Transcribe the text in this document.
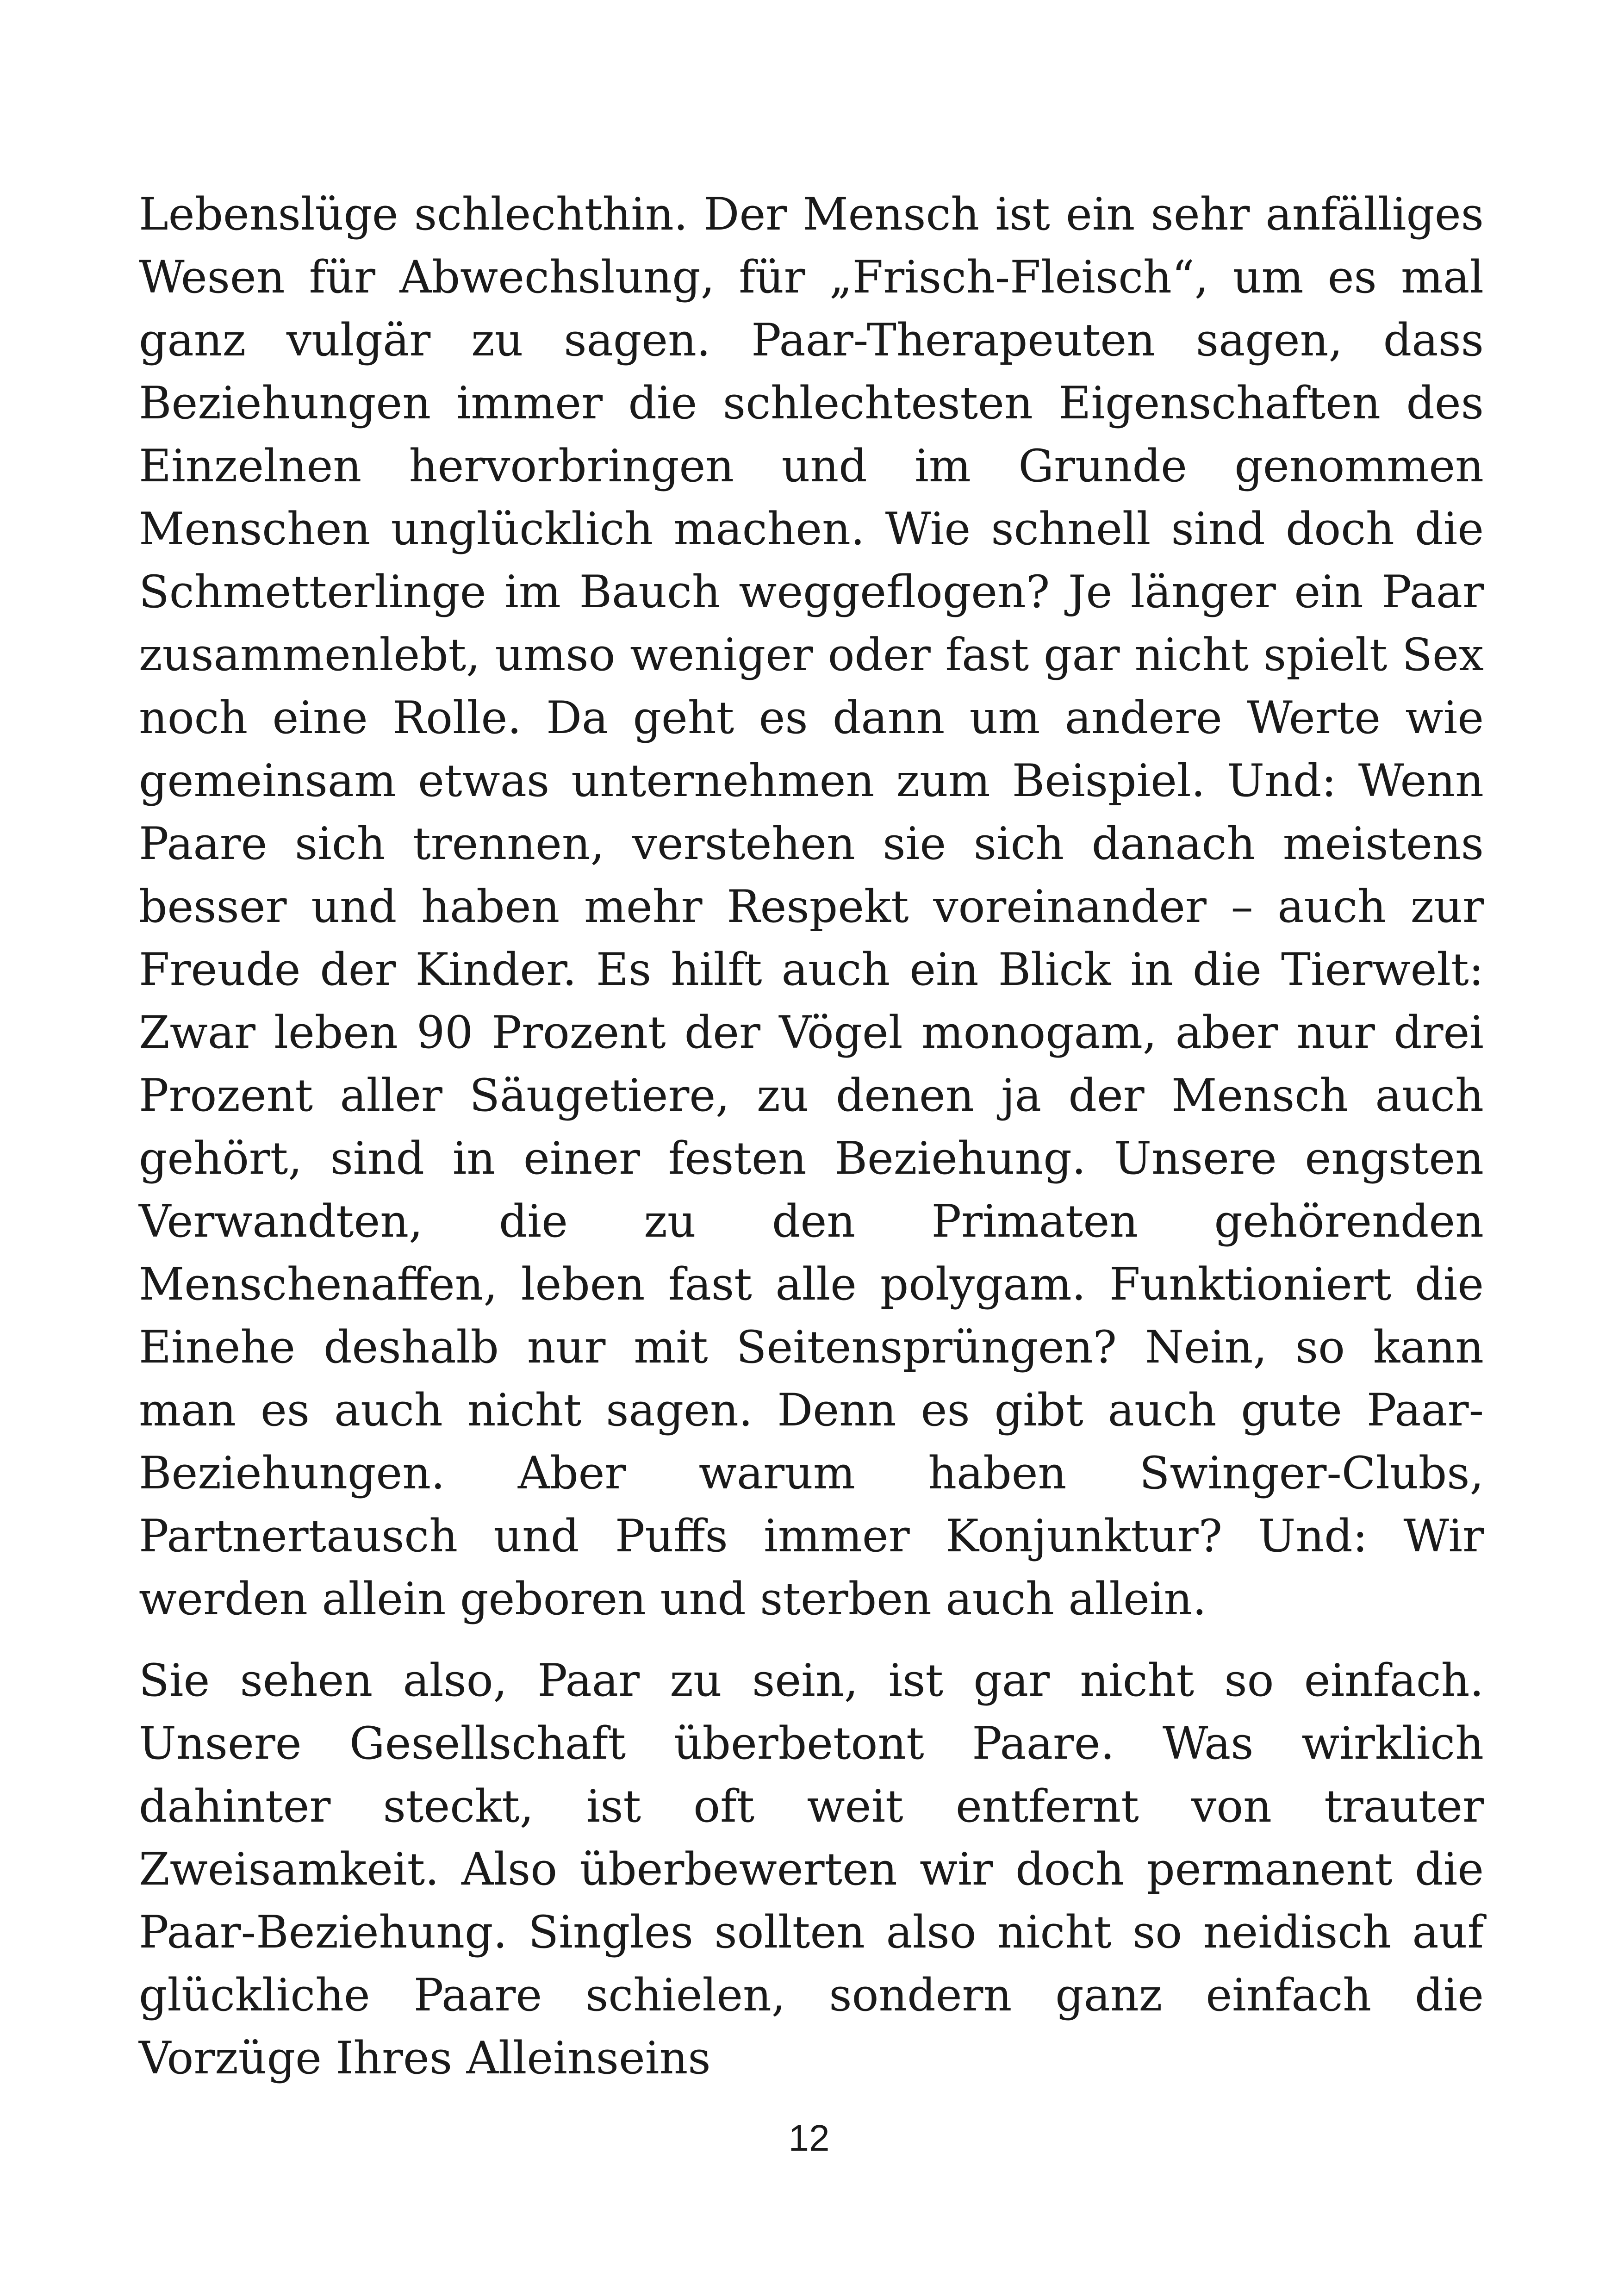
Lebenslüge schlechthin. Der Mensch ist ein sehr anfälliges Wesen für Abwechslung, für „Frisch-Fleisch“, um es mal ganz vulgär zu sagen. Paar-Therapeuten sagen, dass Beziehungen immer die schlechtesten Eigenschaften des Einzelnen hervorbringen und im Grunde genommen Menschen unglücklich machen. Wie schnell sind doch die Schmetterlinge im Bauch weggeflogen? Je länger ein Paar zusammenlebt, umso weniger oder fast gar nicht spielt Sex noch eine Rolle. Da geht es dann um andere Werte wie gemeinsam etwas unternehmen zum Beispiel. Und: Wenn Paare sich trennen, verstehen sie sich danach meistens besser und haben mehr Respekt voreinander – auch zur Freude der Kinder. Es hilft auch ein Blick in die Tierwelt: Zwar leben 90 Prozent der Vögel monogam, aber nur drei Prozent aller Säugetiere, zu denen ja der Mensch auch gehört, sind in einer festen Beziehung. Unsere engsten Verwandten, die zu den Primaten gehörenden Menschenaffen, leben fast alle polygam. Funktioniert die Einehe deshalb nur mit Seitensprüngen? Nein, so kann man es auch nicht sagen. Denn es gibt auch gute Paar-Beziehungen. Aber warum haben Swinger-Clubs, Partnertausch und Puffs immer Konjunktur? Und: Wir werden allein geboren und sterben auch allein.

Sie sehen also, Paar zu sein, ist gar nicht so einfach. Unsere Gesellschaft überbetont Paare. Was wirklich dahinter steckt, ist oft weit entfernt von trauter Zweisamkeit. Also überbewerten wir doch permanent die Paar-Beziehung. Singles sollten also nicht so neidisch auf glückliche Paare schielen, sondern ganz einfach die Vorzüge Ihres Alleinseins

12
